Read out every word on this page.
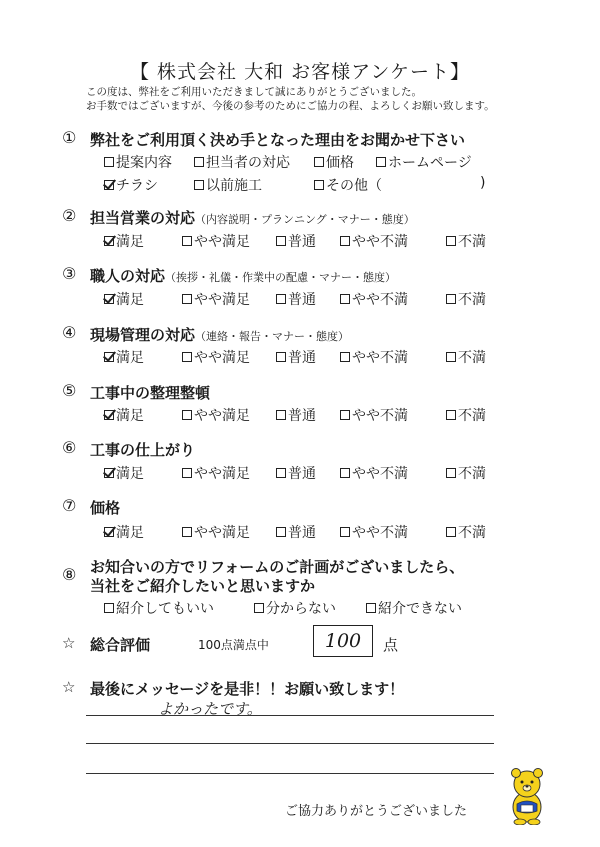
【 株式会社 大和 お客様アンケート】
この度は、弊社をご利用いただきまして誠にありがとうございました。
お手数ではございますが、今後の参考のためにご協力の程、よろしくお願い致します。
① 弊社をご利用頂く決め手となった理由をお聞かせ下さい
提案内容 担当者の対応	価格 ホームページ
チラシ	以前施工	その他（	)
② 担当営業の対応（内容説明・プランニング・マナー・態度）
満足	やや満足	普通	やや不満	不満
③ 職人の対応（挨拶・礼儀・作業中の配慮・マナー・態度）
満足	やや満足	普通	やや不満	不満
④ 現場管理の対応（連絡・報告・マナー・態度）
満足	やや満足	普通	やや不満	不満
⑤ 工事中の整理整頓
満足	やや満足	普通	やや不満	不満
⑥ 工事の仕上がり
満足	やや満足	普通	やや不満	不満
⑦ 価格
満足	やや満足	普通	やや不満	不満
⑧ お知合いの方でリフォームのご計画がございましたら、
当社をご紹介したいと思いますか
紹介してもいい	分からない	紹介できない
☆ 総合評価	100点満点中	100	点
☆ 最後にメッセージを是非！！お願い致します！
よかったです。
ご協力ありがとうございました
